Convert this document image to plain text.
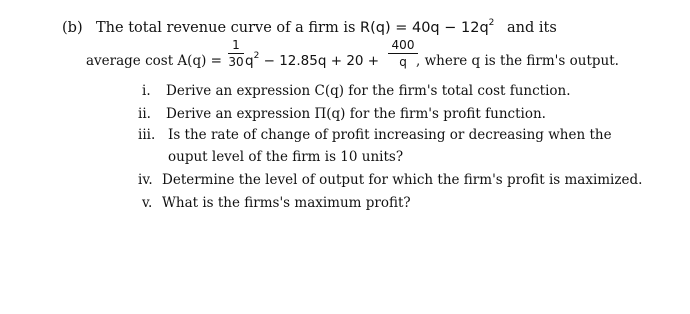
(b) The total revenue curve of a firm is $R(q) = 40q - 12q^2$ and its
average cost A(q) =
1
30 $q^2 - 12.85q + 20$ +
400
q , where q is the firm's output.
i. Derive an expression C(q) for the firm's total cost function.
ii. Derive an expression Π(q) for the firm's profit function.
iii. Is the rate of change of profit increasing or decreasing when the
ouput level of the firm is 10 units?
iv. Determine the level of output for which the firm's profit is maximized.
v. What is the firms's maximum profit?
